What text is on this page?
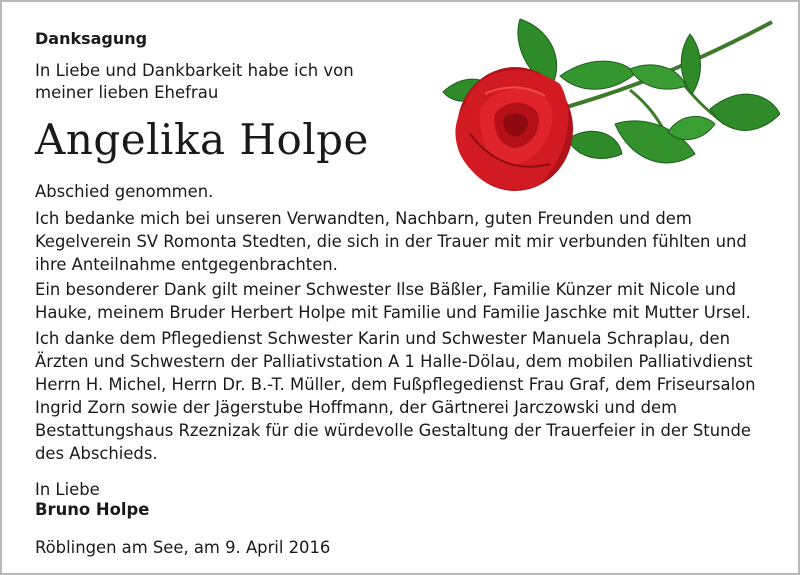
Danksagung
In Liebe und Dankbarkeit habe ich von
meiner lieben Ehefrau
Angelika Holpe
Abschied genommen.
Ich bedanke mich bei unseren Verwandten, Nachbarn, guten Freunden und dem Kegelverein SV Romonta Stedten, die sich in der Trauer mit mir verbunden fühlten und ihre Anteilnahme entgegenbrachten.
Ein besonderer Dank gilt meiner Schwester Ilse Bäßler, Familie Künzer mit Nicole und Hauke, meinem Bruder Herbert Holpe mit Familie und Familie Jaschke mit Mutter Ursel.
Ich danke dem Pflegedienst Schwester Karin und Schwester Manuela Schraplau, den Ärzten und Schwestern der Palliativstation A 1 Halle-Dölau, dem mobilen Palliativdienst Herrn H. Michel, Herrn Dr. B.-T. Müller, dem Fußpflegedienst Frau Graf, dem Friseursalon Ingrid Zorn sowie der Jägerstube Hoffmann, der Gärtnerei Jarczowski und dem Bestattungshaus Rzeznizak für die würdevolle Gestaltung der Trauerfeier in der Stunde des Abschieds.
In Liebe
Bruno Holpe
Röblingen am See, am 9. April 2016
